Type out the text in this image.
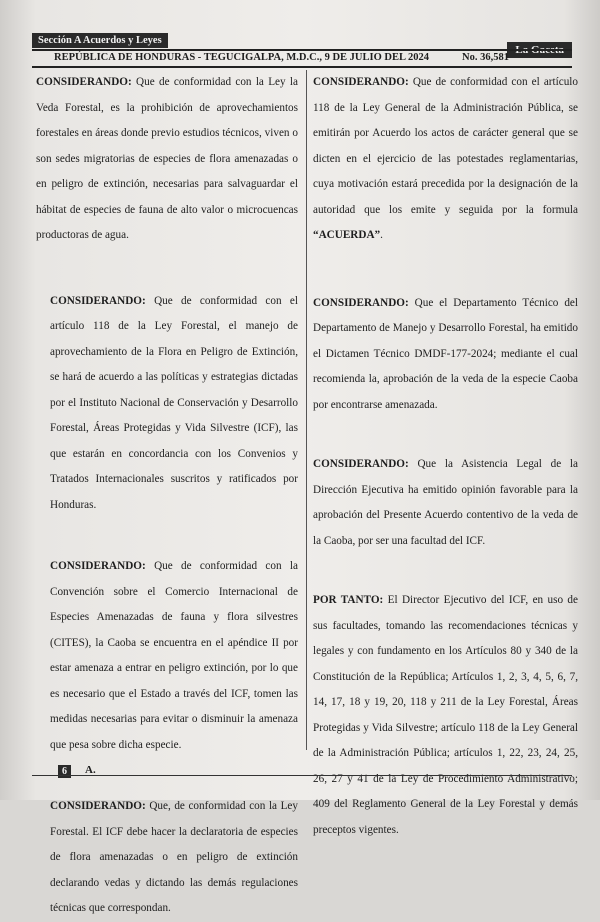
Sección A Acuerdos y Leyes
La Gaceta
REPÚBLICA DE HONDURAS - TEGUCIGALPA, M.D.C., 9 DE JULIO DEL 2024	No. 36,581

CONSIDERANDO: Que de conformidad con la Ley la Veda Forestal, es la prohibición de aprovechamientos forestales en áreas donde previo estudios técnicos, viven o son sedes migratorias de especies de flora amenazadas o en peligro de extinción, necesarias para salvaguardar el hábitat de especies de fauna de alto valor o microcuencas productoras de agua.

CONSIDERANDO: Que de conformidad con el artículo 118 de la Ley Forestal, el manejo de aprovechamiento de la Flora en Peligro de Extinción, se hará de acuerdo a las políticas y estrategias dictadas por el Instituto Nacional de Conservación y Desarrollo Forestal, Áreas Protegidas y Vida Silvestre (ICF), las que estarán en concordancia con los Convenios y Tratados Internacionales suscritos y ratificados por Honduras.

CONSIDERANDO: Que de conformidad con la Convención sobre el Comercio Internacional de Especies Amenazadas de fauna y flora silvestres (CITES), la Caoba se encuentra en el apéndice II por estar amenaza a entrar en peligro extinción, por lo que es necesario que el Estado a través del ICF, tomen las medidas necesarias para evitar o disminuir la amenaza que pesa sobre dicha especie.

CONSIDERANDO: Que, de conformidad con la Ley Forestal. El ICF debe hacer la declaratoria de especies de flora amenazadas o en peligro de extinción declarando vedas y dictando las demás regulaciones técnicas que correspondan.

CONSIDERANDO: Que de conformidad con el artículo 118 de la Ley General de la Administración Pública, se emitirán por Acuerdo los actos de carácter general que se dicten en el ejercicio de las potestades reglamentarias, cuya motivación estará precedida por la designación de la autoridad que los emite y seguida por la formula “ACUERDA”.

CONSIDERANDO: Que el Departamento Técnico del Departamento de Manejo y Desarrollo Forestal, ha emitido el Dictamen Técnico DMDF-177-2024; mediante el cual recomienda la, aprobación de la veda de la especie Caoba por encontrarse amenazada.

CONSIDERANDO: Que la Asistencia Legal de la Dirección Ejecutiva ha emitido opinión favorable para la aprobación del Presente Acuerdo contentivo de la veda de la Caoba, por ser una facultad del ICF.

POR TANTO: El Director Ejecutivo del ICF, en uso de sus facultades, tomando las recomendaciones técnicas y legales y con fundamento en los Artículos 80 y 340 de la Constitución de la República; Artículos 1, 2, 3, 4, 5, 6, 7, 14, 17, 18 y 19, 20, 118 y 211 de la Ley Forestal, Áreas Protegidas y Vida Silvestre; artículo 118 de la Ley General de la Administración Pública; artículos 1, 22, 23, 24, 25, 26, 27 y 41 de la Ley de Procedimiento Administrativo; 409 del Reglamento General de la Ley Forestal y demás preceptos vigentes.

6	A.
